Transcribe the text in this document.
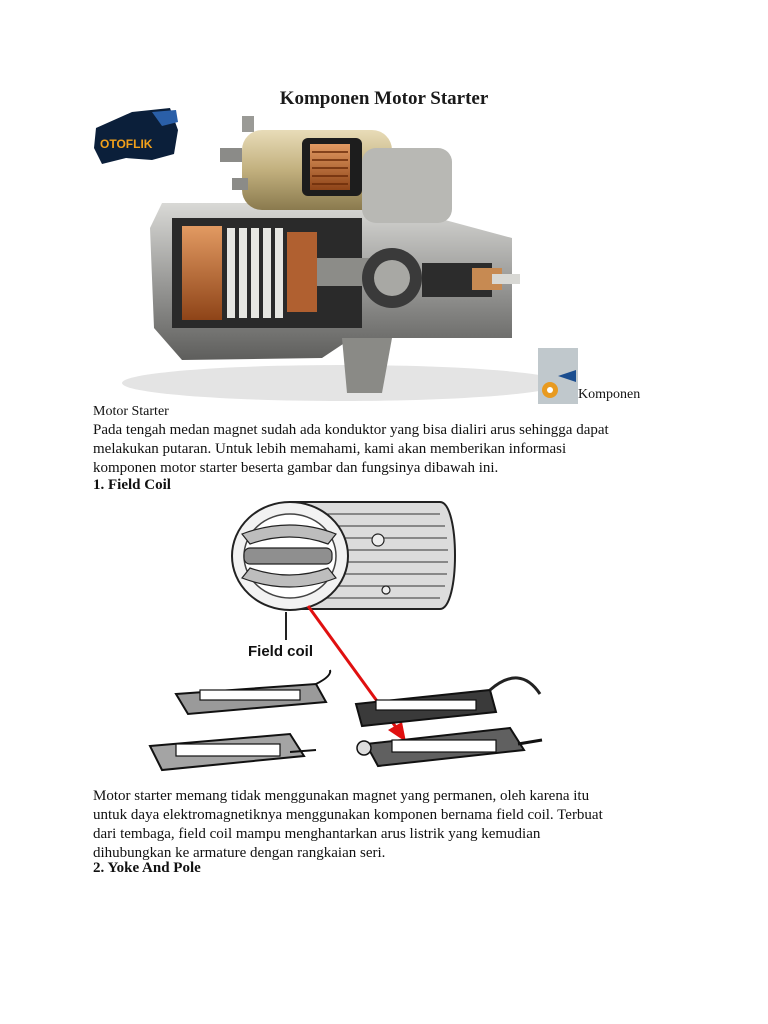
Komponen Motor Starter
OTOFLIK
Komponen
Motor Starter
Pada tengah medan magnet sudah ada konduktor yang bisa dialiri arus sehingga dapat
melakukan putaran. Untuk lebih memahami, kami akan memberikan informasi
komponen motor starter beserta gambar dan fungsinya dibawah ini.
1. Field Coil
Field coil
Motor starter memang tidak menggunakan magnet yang permanen, oleh karena itu
untuk daya elektromagnetiknya menggunakan komponen bernama field coil. Terbuat
dari tembaga, field coil mampu menghantarkan arus listrik yang kemudian
dihubungkan ke armature dengan rangkaian seri.
2. Yoke And Pole
